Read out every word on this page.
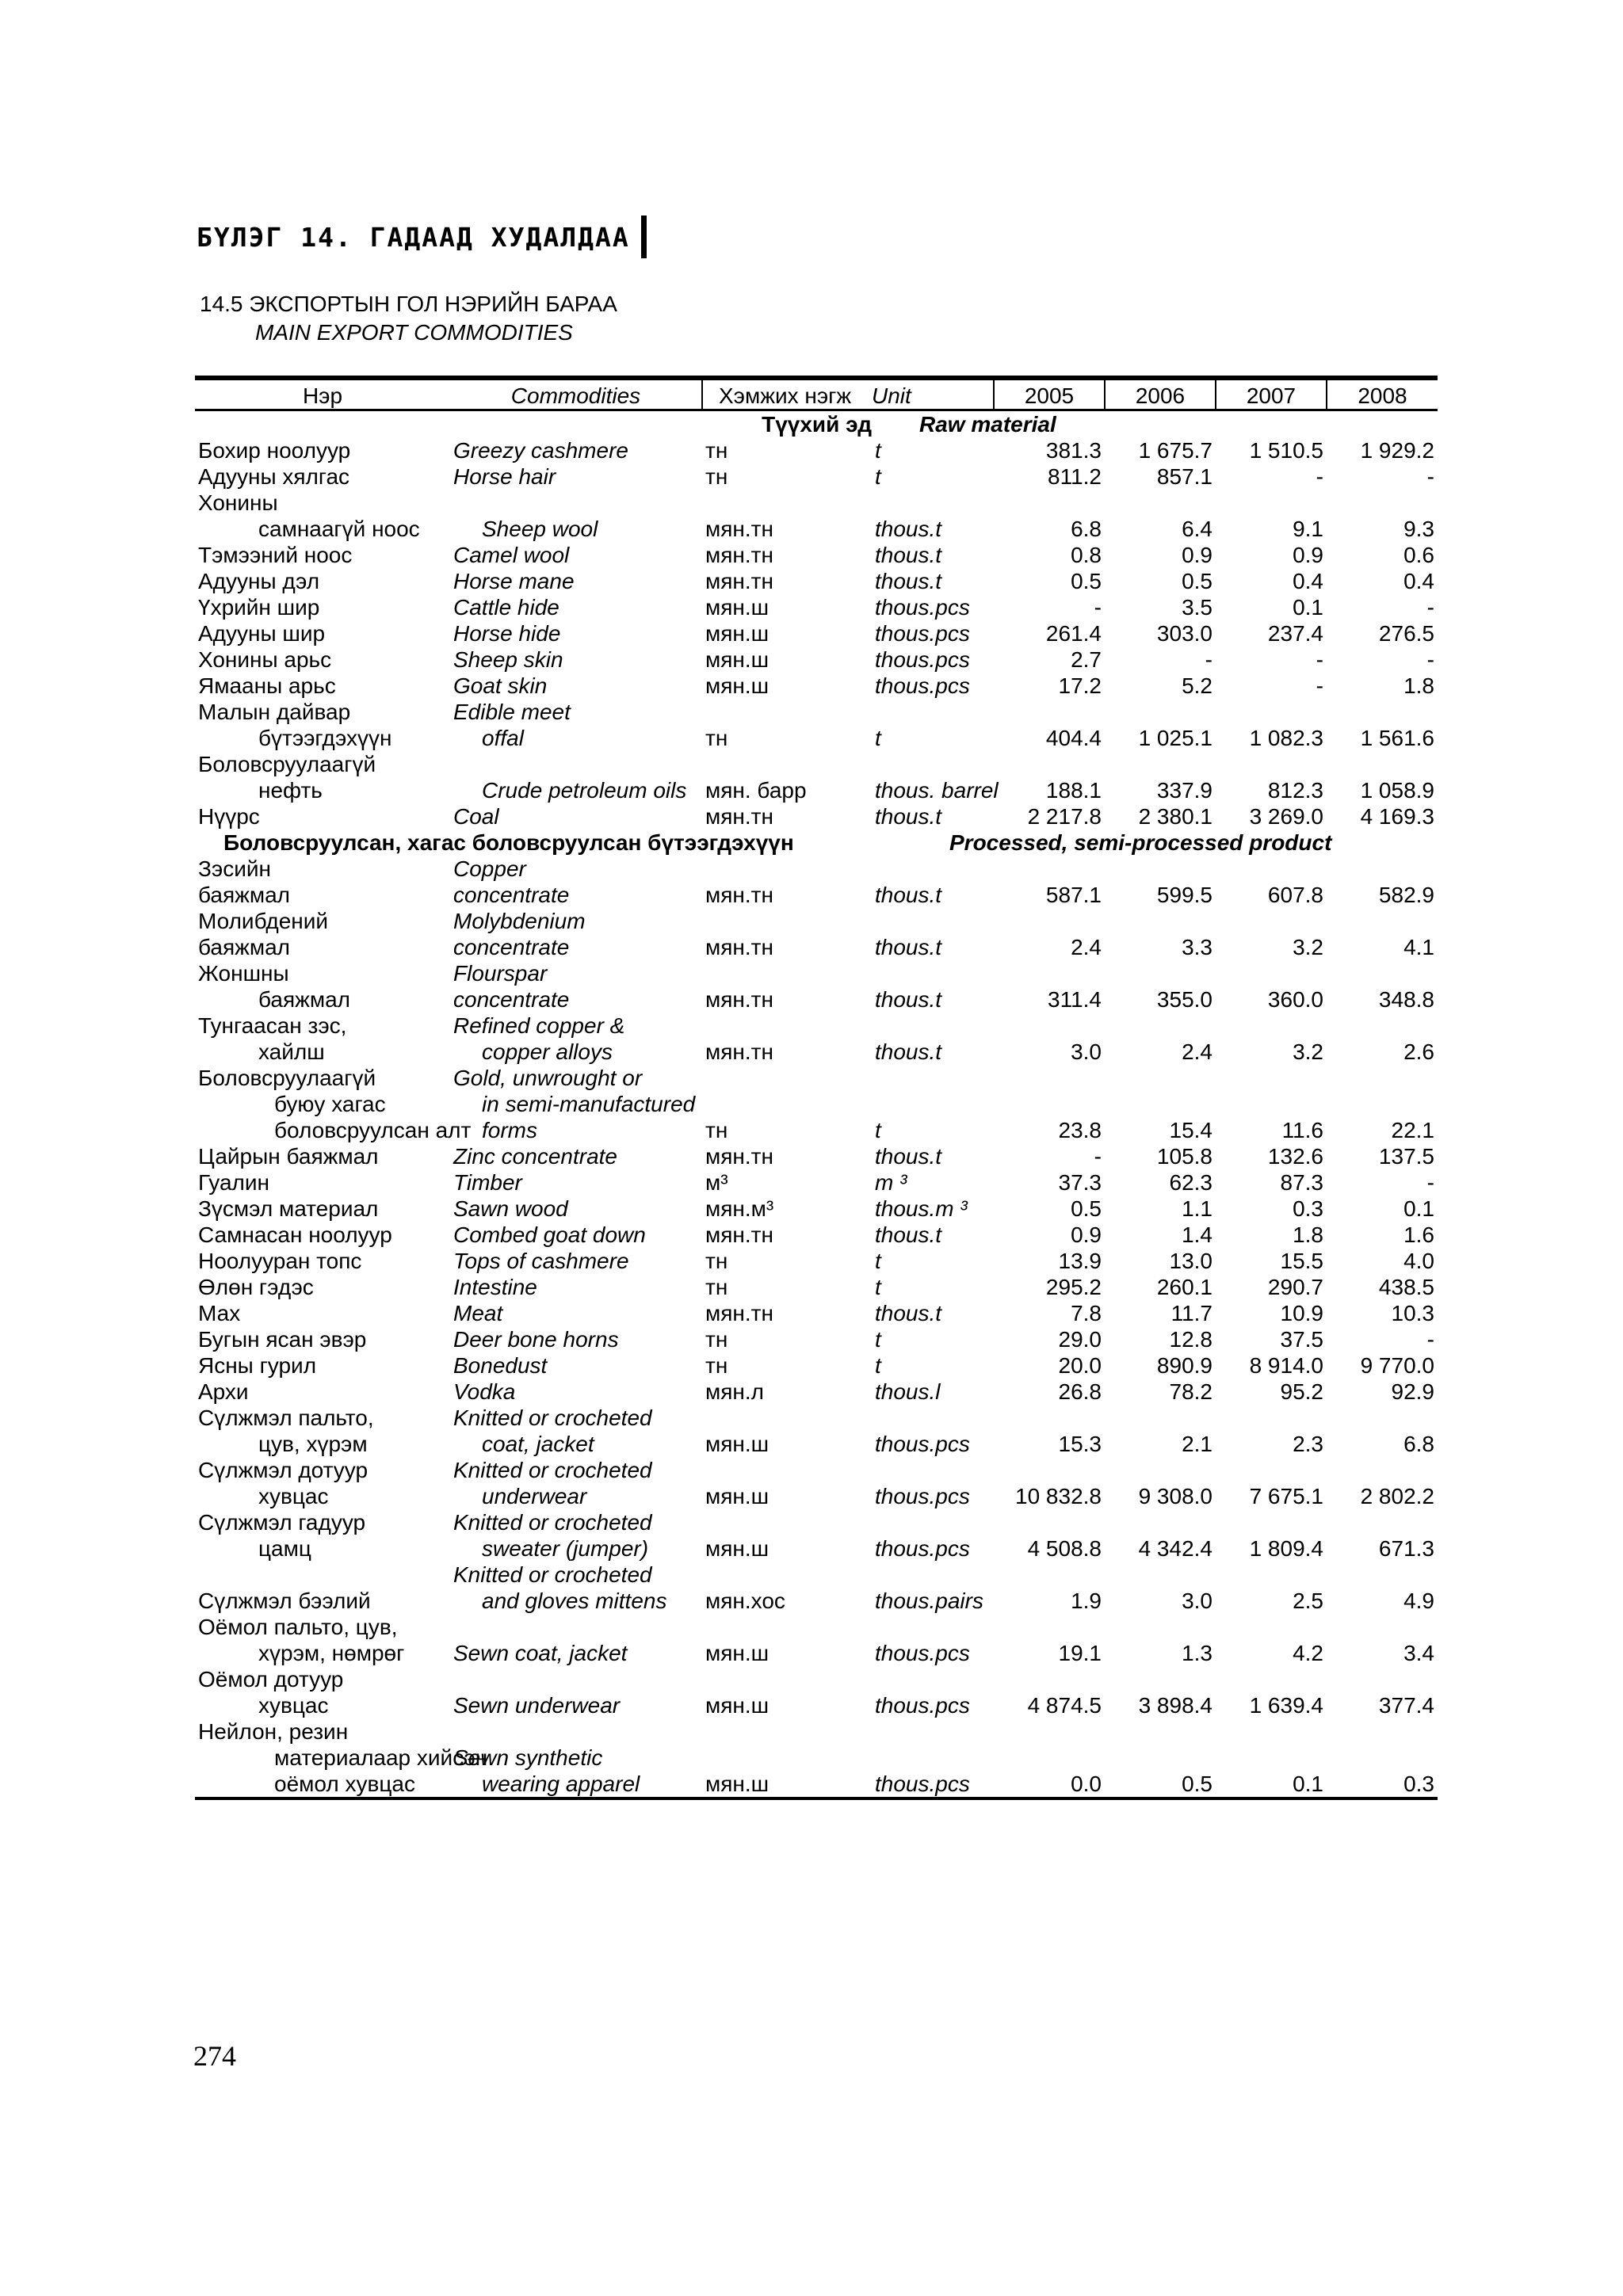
БҮЛЭГ 14. ГАДААД ХУДАЛДАА
14.5 ЭКСПОРТЫН ГОЛ НЭРИЙН БАРАА
MAIN EXPORT COMMODITIES
Нэр	Commodities	Хэмжих нэгж	Unit	2005	2006	2007	2008
	Түүхий эд		Raw material				
Бохир ноолуур	Greezy cashmere	тн	t	381.3	1 675.7	1 510.5	1 929.2
Адууны хялгас	Horse hair	тн	t	811.2	857.1	-	-
Хонины							
самнаагүй ноос	Sheep wool	мян.тн	thous.t	6.8	6.4	9.1	9.3
Тэмээний ноос	Camel wool	мян.тн	thous.t	0.8	0.9	0.9	0.6
Адууны дэл	Horse mane	мян.тн	thous.t	0.5	0.5	0.4	0.4
Үхрийн шир	Cattle hide	мян.ш	thous.pcs	-	3.5	0.1	-
Адууны шир	Horse hide	мян.ш	thous.pcs	261.4	303.0	237.4	276.5
Хонины арьс	Sheep skin	мян.ш	thous.pcs	2.7	-	-	-
Ямааны арьс	Goat skin	мян.ш	thous.pcs	17.2	5.2	-	1.8
Малын дайвар	Edible meet						
бүтээгдэхүүн	offal	тн	t	404.4	1 025.1	1 082.3	1 561.6
Боловсруулаагүй							
нефть	Crude petroleum oils	мян. барр	thous. barrel	188.1	337.9	812.3	1 058.9
Нүүрс	Coal	мян.тн	thous.t	2 217.8	2 380.1	3 269.0	4 169.3
Боловсруулсан, хагас боловсруулсан бүтээгдэхүүн			Processed, semi-processed product				
Зэсийн	Copper						
баяжмал	concentrate	мян.тн	thous.t	587.1	599.5	607.8	582.9
Молибдений	Molybdenium						
баяжмал	concentrate	мян.тн	thous.t	2.4	3.3	3.2	4.1
Жоншны	Flourspar						
баяжмал	concentrate	мян.тн	thous.t	311.4	355.0	360.0	348.8
Тунгаасан зэс,	Refined copper &						
хайлш	copper alloys	мян.тн	thous.t	3.0	2.4	3.2	2.6
Боловсруулаагүй	Gold, unwrought or						
буюу хагас	in semi-manufactured						
боловсруулсан алт	forms	тн	t	23.8	15.4	11.6	22.1
Цайрын баяжмал	Zinc concentrate	мян.тн	thous.t	-	105.8	132.6	137.5
Гуалин	Timber	м³	m ³	37.3	62.3	87.3	-
Зүсмэл материал	Sawn wood	мян.м³	thous.m ³	0.5	1.1	0.3	0.1
Самнасан ноолуур	Combed goat down	мян.тн	thous.t	0.9	1.4	1.8	1.6
Ноолууран топс	Tops of cashmere	тн	t	13.9	13.0	15.5	4.0
Өлөн гэдэс	Intestine	тн	t	295.2	260.1	290.7	438.5
Мах	Meat	мян.тн	thous.t	7.8	11.7	10.9	10.3
Бугын ясан эвэр	Deer bone horns	тн	t	29.0	12.8	37.5	-
Ясны гурил	Bonedust	тн	t	20.0	890.9	8 914.0	9 770.0
Архи	Vodka	мян.л	thous.l	26.8	78.2	95.2	92.9
Сүлжмэл пальто,	Knitted or crocheted						
цув, хүрэм	coat, jacket	мян.ш	thous.pcs	15.3	2.1	2.3	6.8
Сүлжмэл дотуур	Knitted or crocheted						
хувцас	underwear	мян.ш	thous.pcs	10 832.8	9 308.0	7 675.1	2 802.2
Сүлжмэл гадуур	Knitted or crocheted						
цамц	sweater (jumper)	мян.ш	thous.pcs	4 508.8	4 342.4	1 809.4	671.3
	Knitted or crocheted						
Сүлжмэл бээлий	and gloves mittens	мян.хос	thous.pairs	1.9	3.0	2.5	4.9
Оёмол пальто, цув,							
хүрэм, нөмрөг	Sewn coat, jacket	мян.ш	thous.pcs	19.1	1.3	4.2	3.4
Оёмол дотуур							
хувцас	Sewn underwear	мян.ш	thous.pcs	4 874.5	3 898.4	1 639.4	377.4
Нейлон, резин							
материалаар хийсэн	Sewn synthetic						
оёмол хувцас	wearing apparel	мян.ш	thous.pcs	0.0	0.5	0.1	0.3
274
